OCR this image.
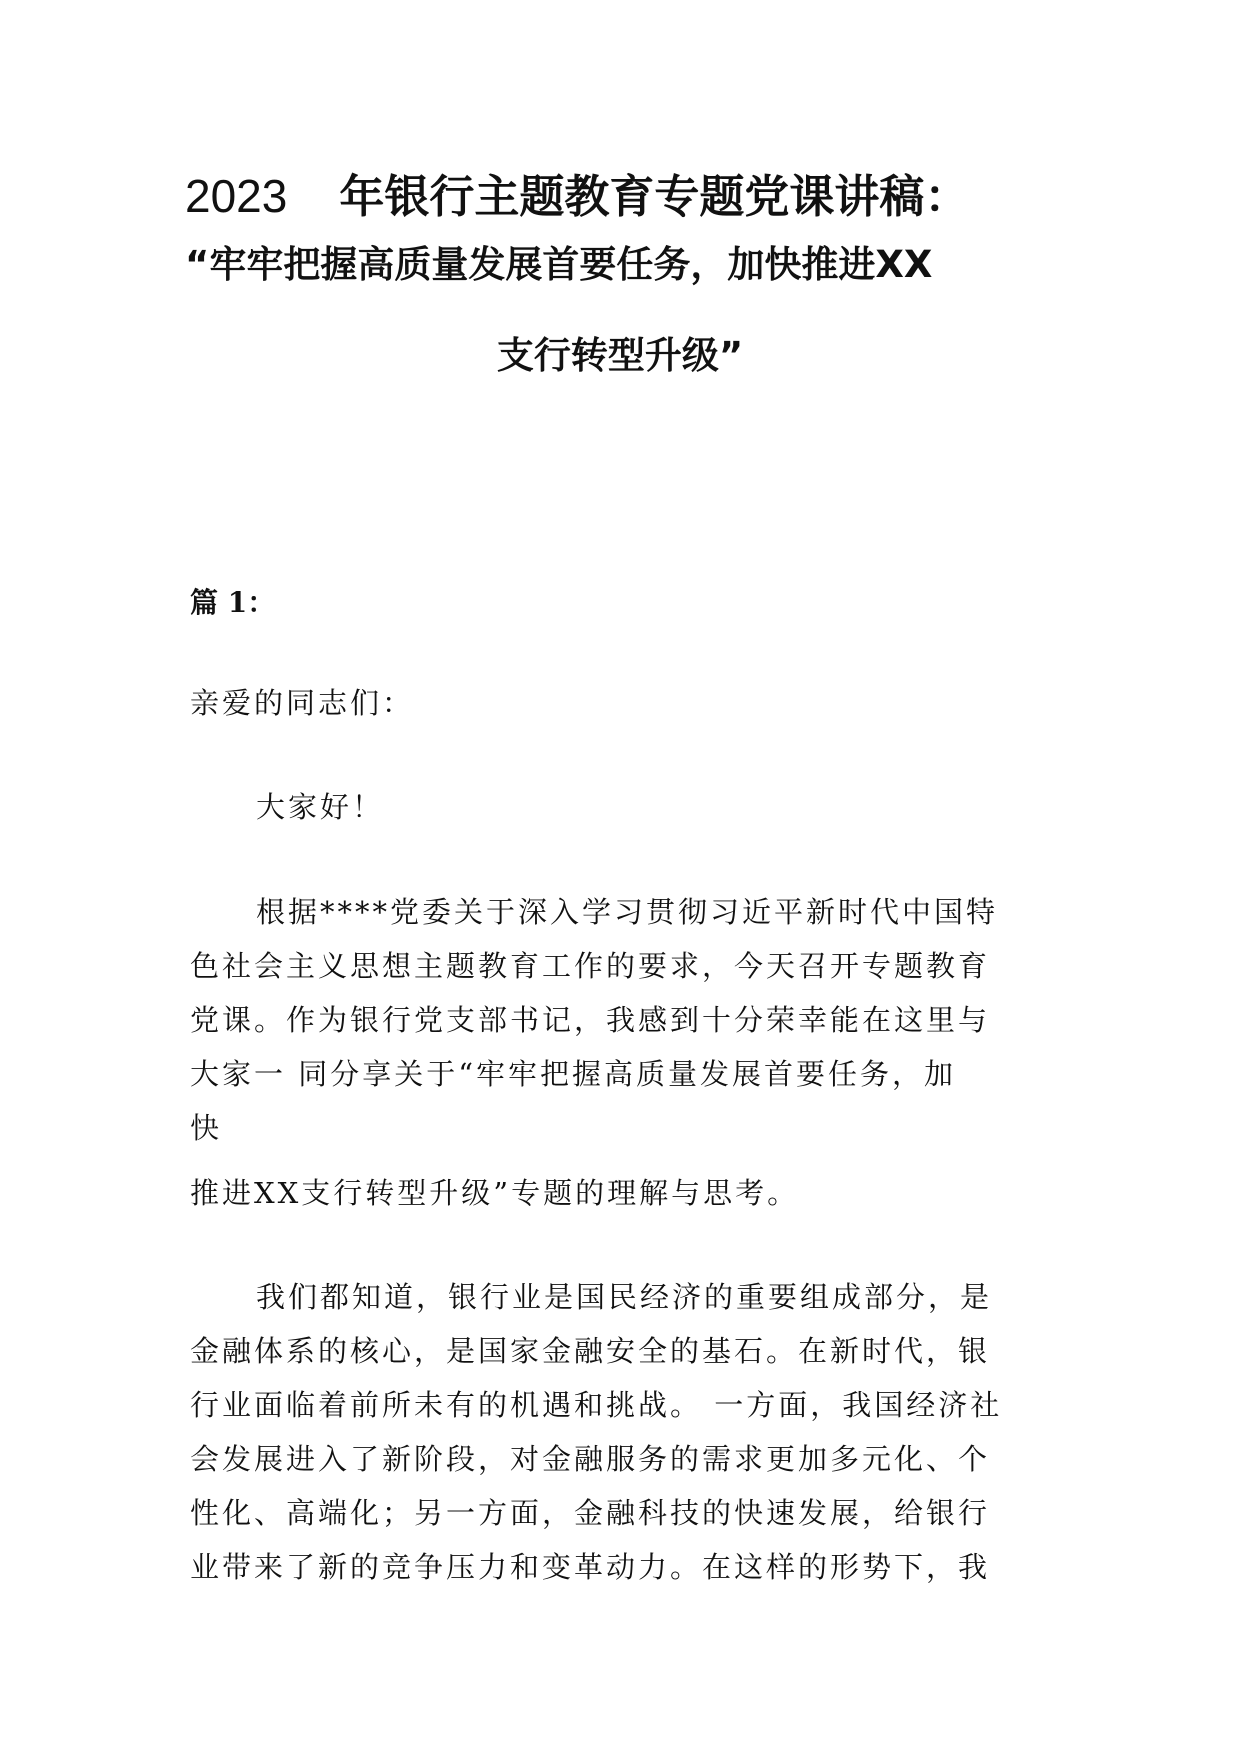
2023 年银行主题教育专题党课讲稿：
“牢牢把握高质量发展首要任务，加快推进XX
支行转型升级”
篇 1：
亲爱的同志们：
大家好！
根据****党委关于深入学习贯彻习近平新时代中国特
色社会主义思想主题教育工作的要求，今天召开专题教育
党课。作为银行党支部书记，我感到十分荣幸能在这里与
大家一 同分享关于“牢牢把握高质量发展首要任务，加
快
推进XX支行转型升级”专题的理解与思考。
我们都知道，银行业是国民经济的重要组成部分，是
金融体系的核心，是国家金融安全的基石。在新时代，银
行业面临着前所未有的机遇和挑战。 一方面，我国经济社
会发展进入了新阶段，对金融服务的需求更加多元化、个
性化、高端化；另一方面，金融科技的快速发展，给银行
业带来了新的竞争压力和变革动力。在这样的形势下，我
